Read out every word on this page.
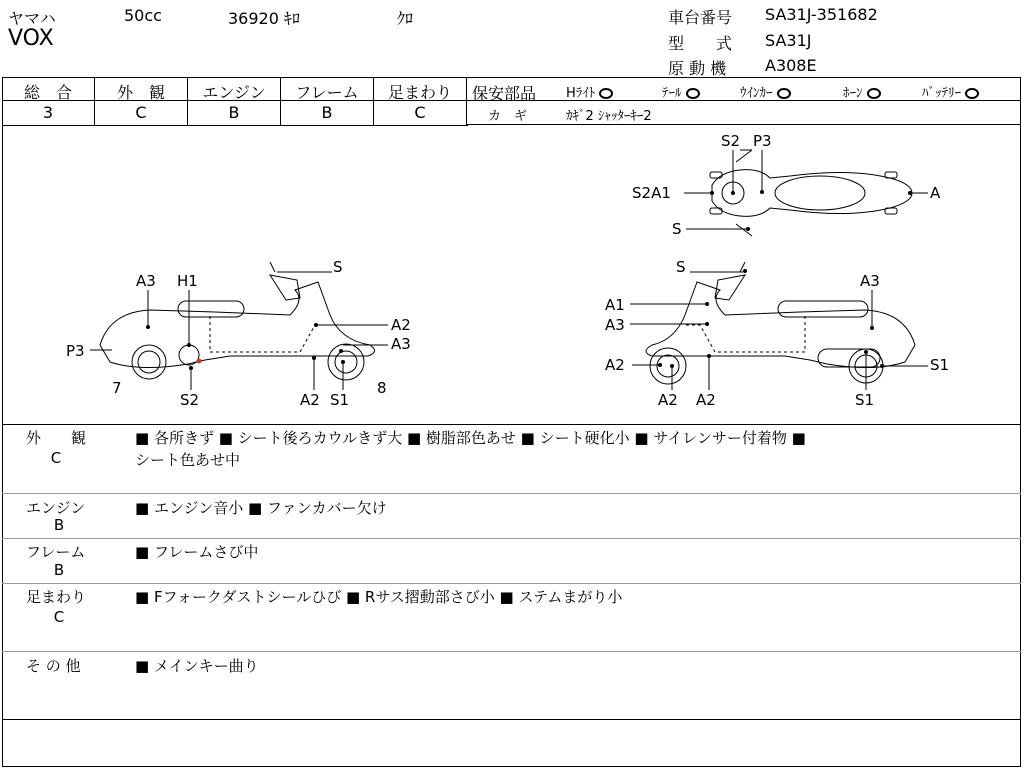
ヤマハ	50cc	36920 ｷﾛ	ｸﾛ
VOX
車台番号 SA31J-351682
型　　式 SA31J
原 動 機 A308E
総　合
3
外　観
C
エンジン
B
フレーム
B
足まわり
C
保安部品 Hﾗｲﾄ	ﾃｰﾙ	ｳｲﾝｶｰ	ﾎｰﾝ	ﾊﾞｯﾃﾘｰ
カ　ギ	ｶｷﾞ2 ｼｬｯﾀｰｷｰ2
A3 H1
S
P3
A2
A3
7
S2	A2 S1
8
S2 P3
S2A1	A
S
S
A1
A3
A3
A2	S1
A2 A2	S1
外　　観
C
■ 各所きず ■ シート後ろカウルきず大 ■ 樹脂部色あせ ■ シート硬化小 ■ サイレンサー付着物 ■
シート色あせ中
エンジン
B
■ エンジン音小 ■ ファンカバー欠け
フレーム
B
■ フレームさび中
足まわり
C
■ Fフォークダストシールひび ■ Rサス摺動部さび小 ■ ステムまがり小
そ の 他	■ メインキー曲り
